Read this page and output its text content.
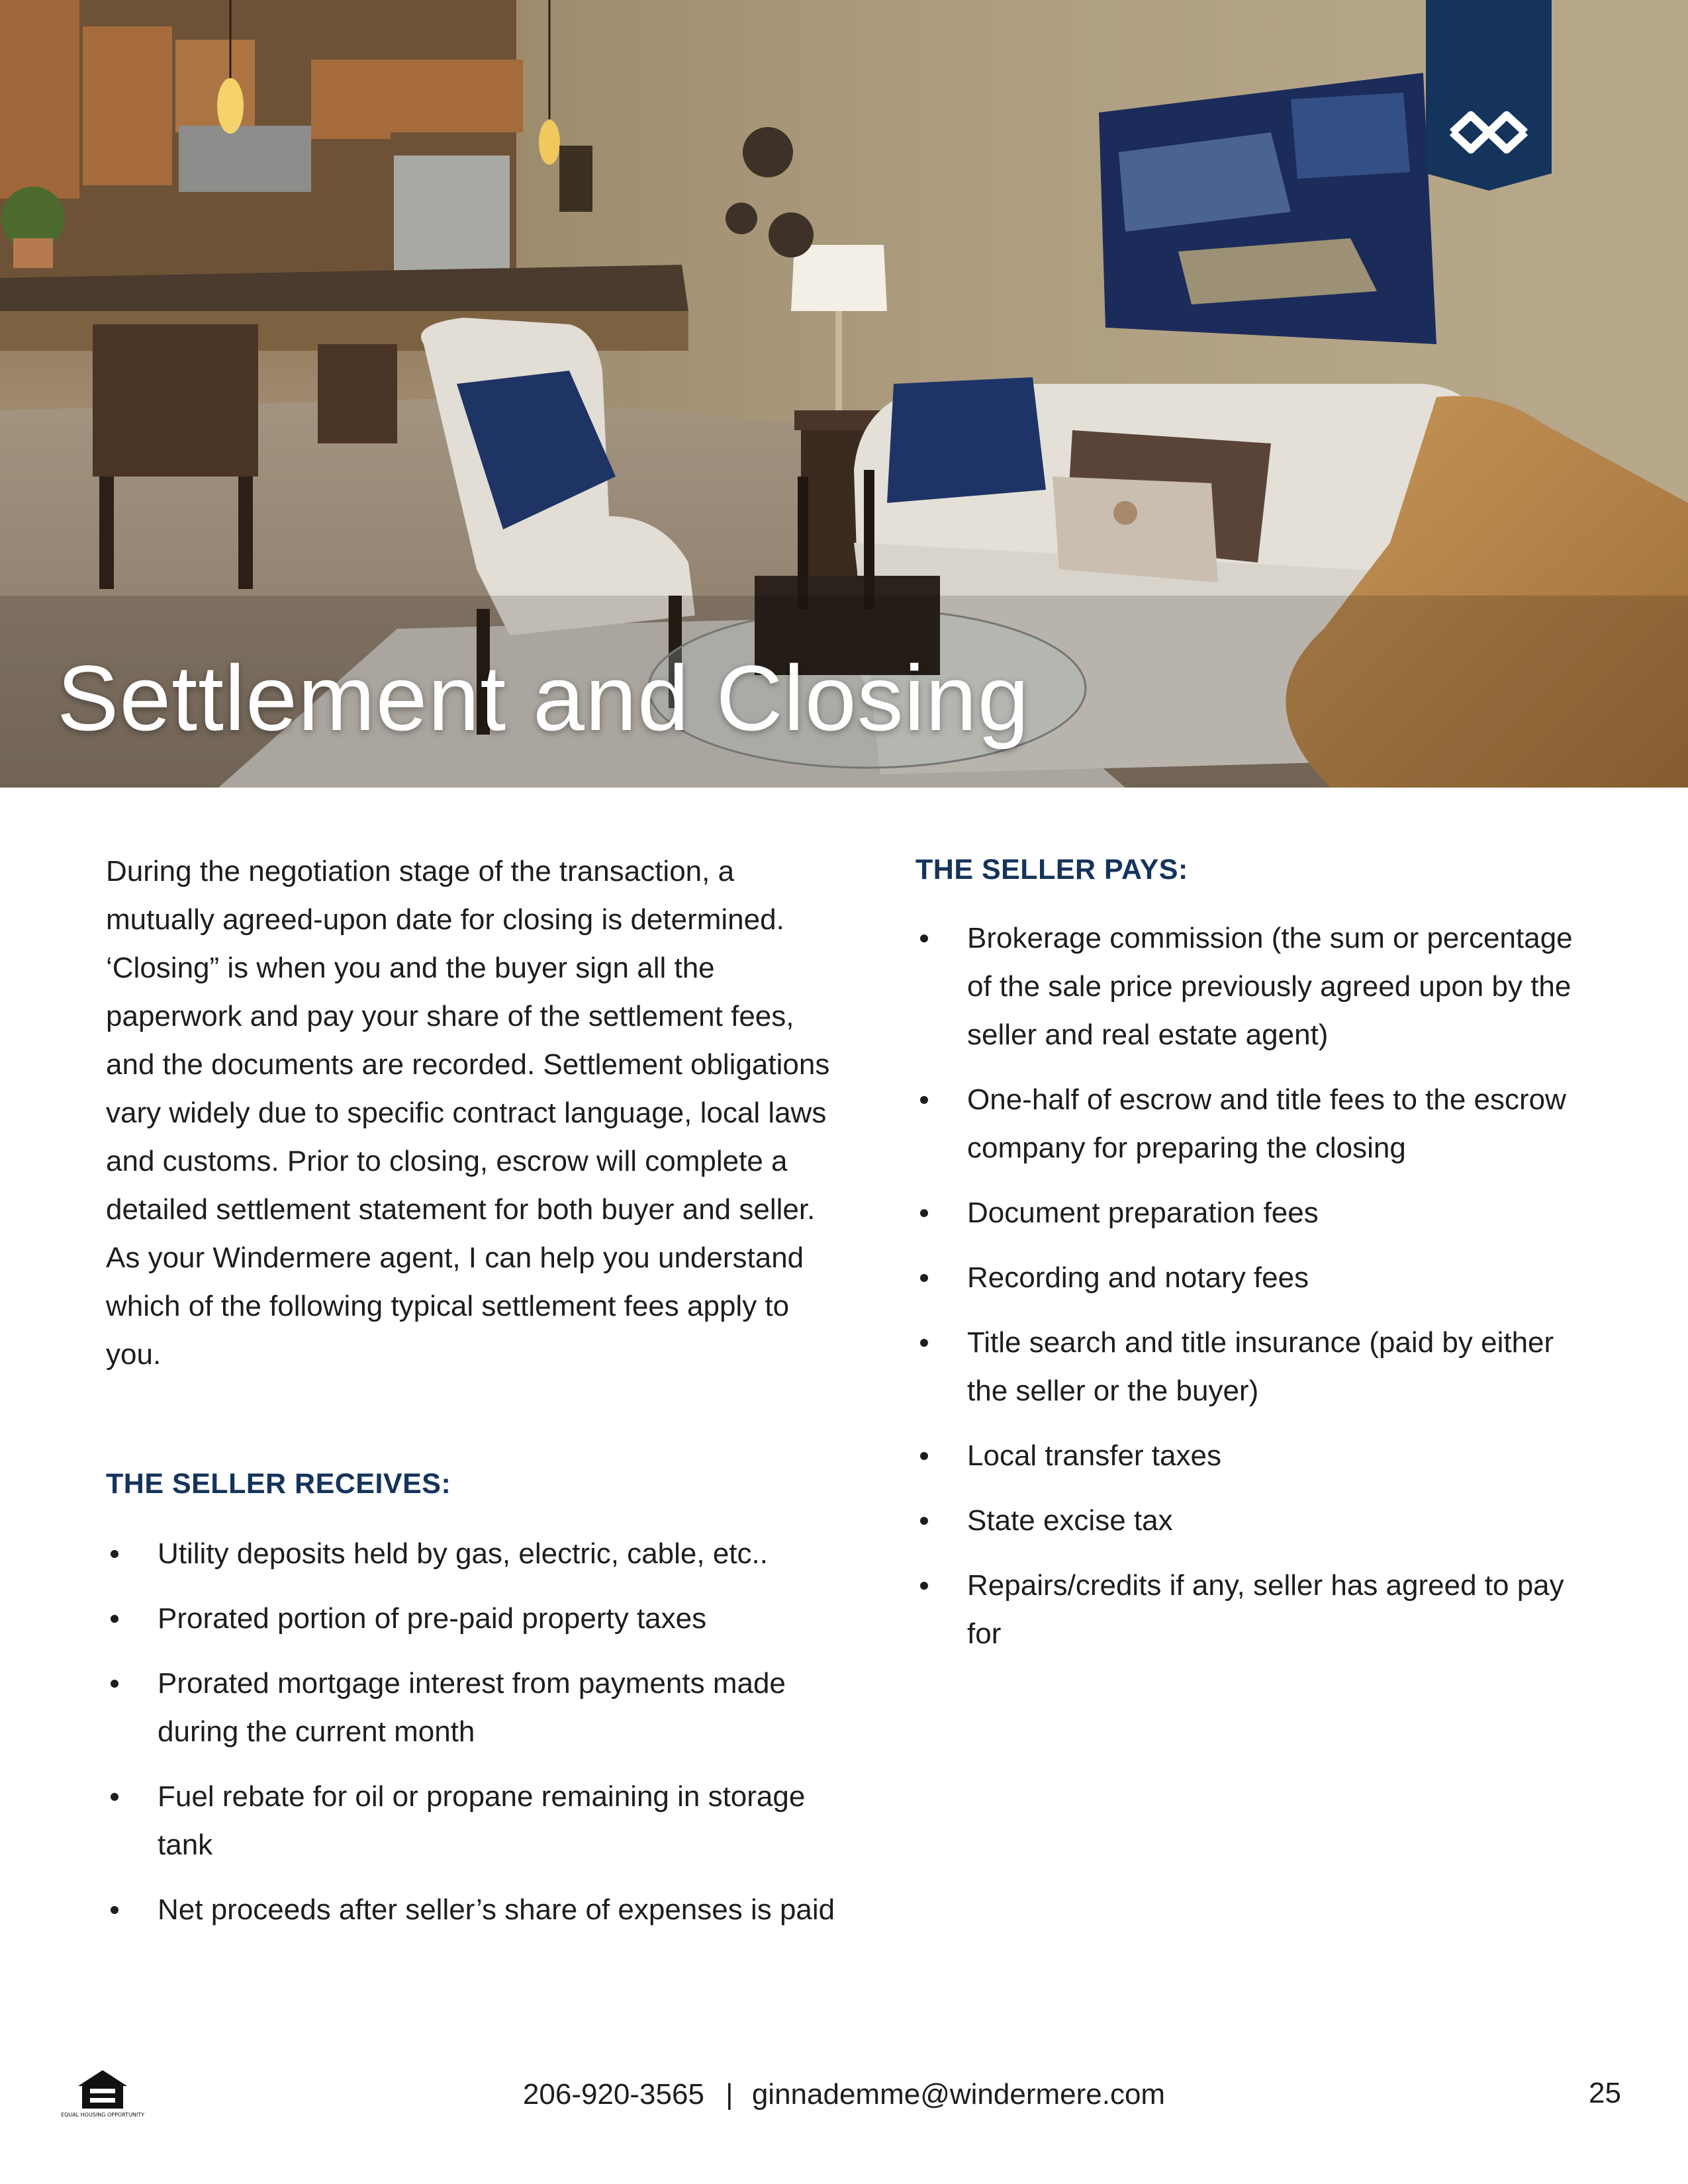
Settlement and Closing

During the negotiation stage of the transaction, a mutually agreed-upon date for closing is determined. ‘Closing” is when you and the buyer sign all the paperwork and pay your share of the settlement fees, and the documents are recorded. Settlement obligations vary widely due to specific contract language, local laws and customs. Prior to closing, escrow will complete a detailed settlement statement for both buyer and seller. As your Windermere agent, I can help you understand which of the following typical settlement fees apply to you.

THE SELLER RECEIVES:
Utility deposits held by gas, electric, cable, etc..
Prorated portion of pre-paid property taxes
Prorated mortgage interest from payments made during the current month
Fuel rebate for oil or propane remaining in storage tank
Net proceeds after seller’s share of expenses is paid
THE SELLER PAYS:
Brokerage commission (the sum or percentage of the sale price previously agreed upon by the seller and real estate agent)
One-half of escrow and title fees to the escrow company for preparing the closing
Document preparation fees
Recording and notary fees
Title search and title insurance (paid by either the seller or the buyer)
Local transfer taxes
State excise tax
Repairs/credits if any, seller has agreed to pay for
EQUAL HOUSING OPPORTUNITY
206-920-3565 | ginnademme@windermere.com	25
